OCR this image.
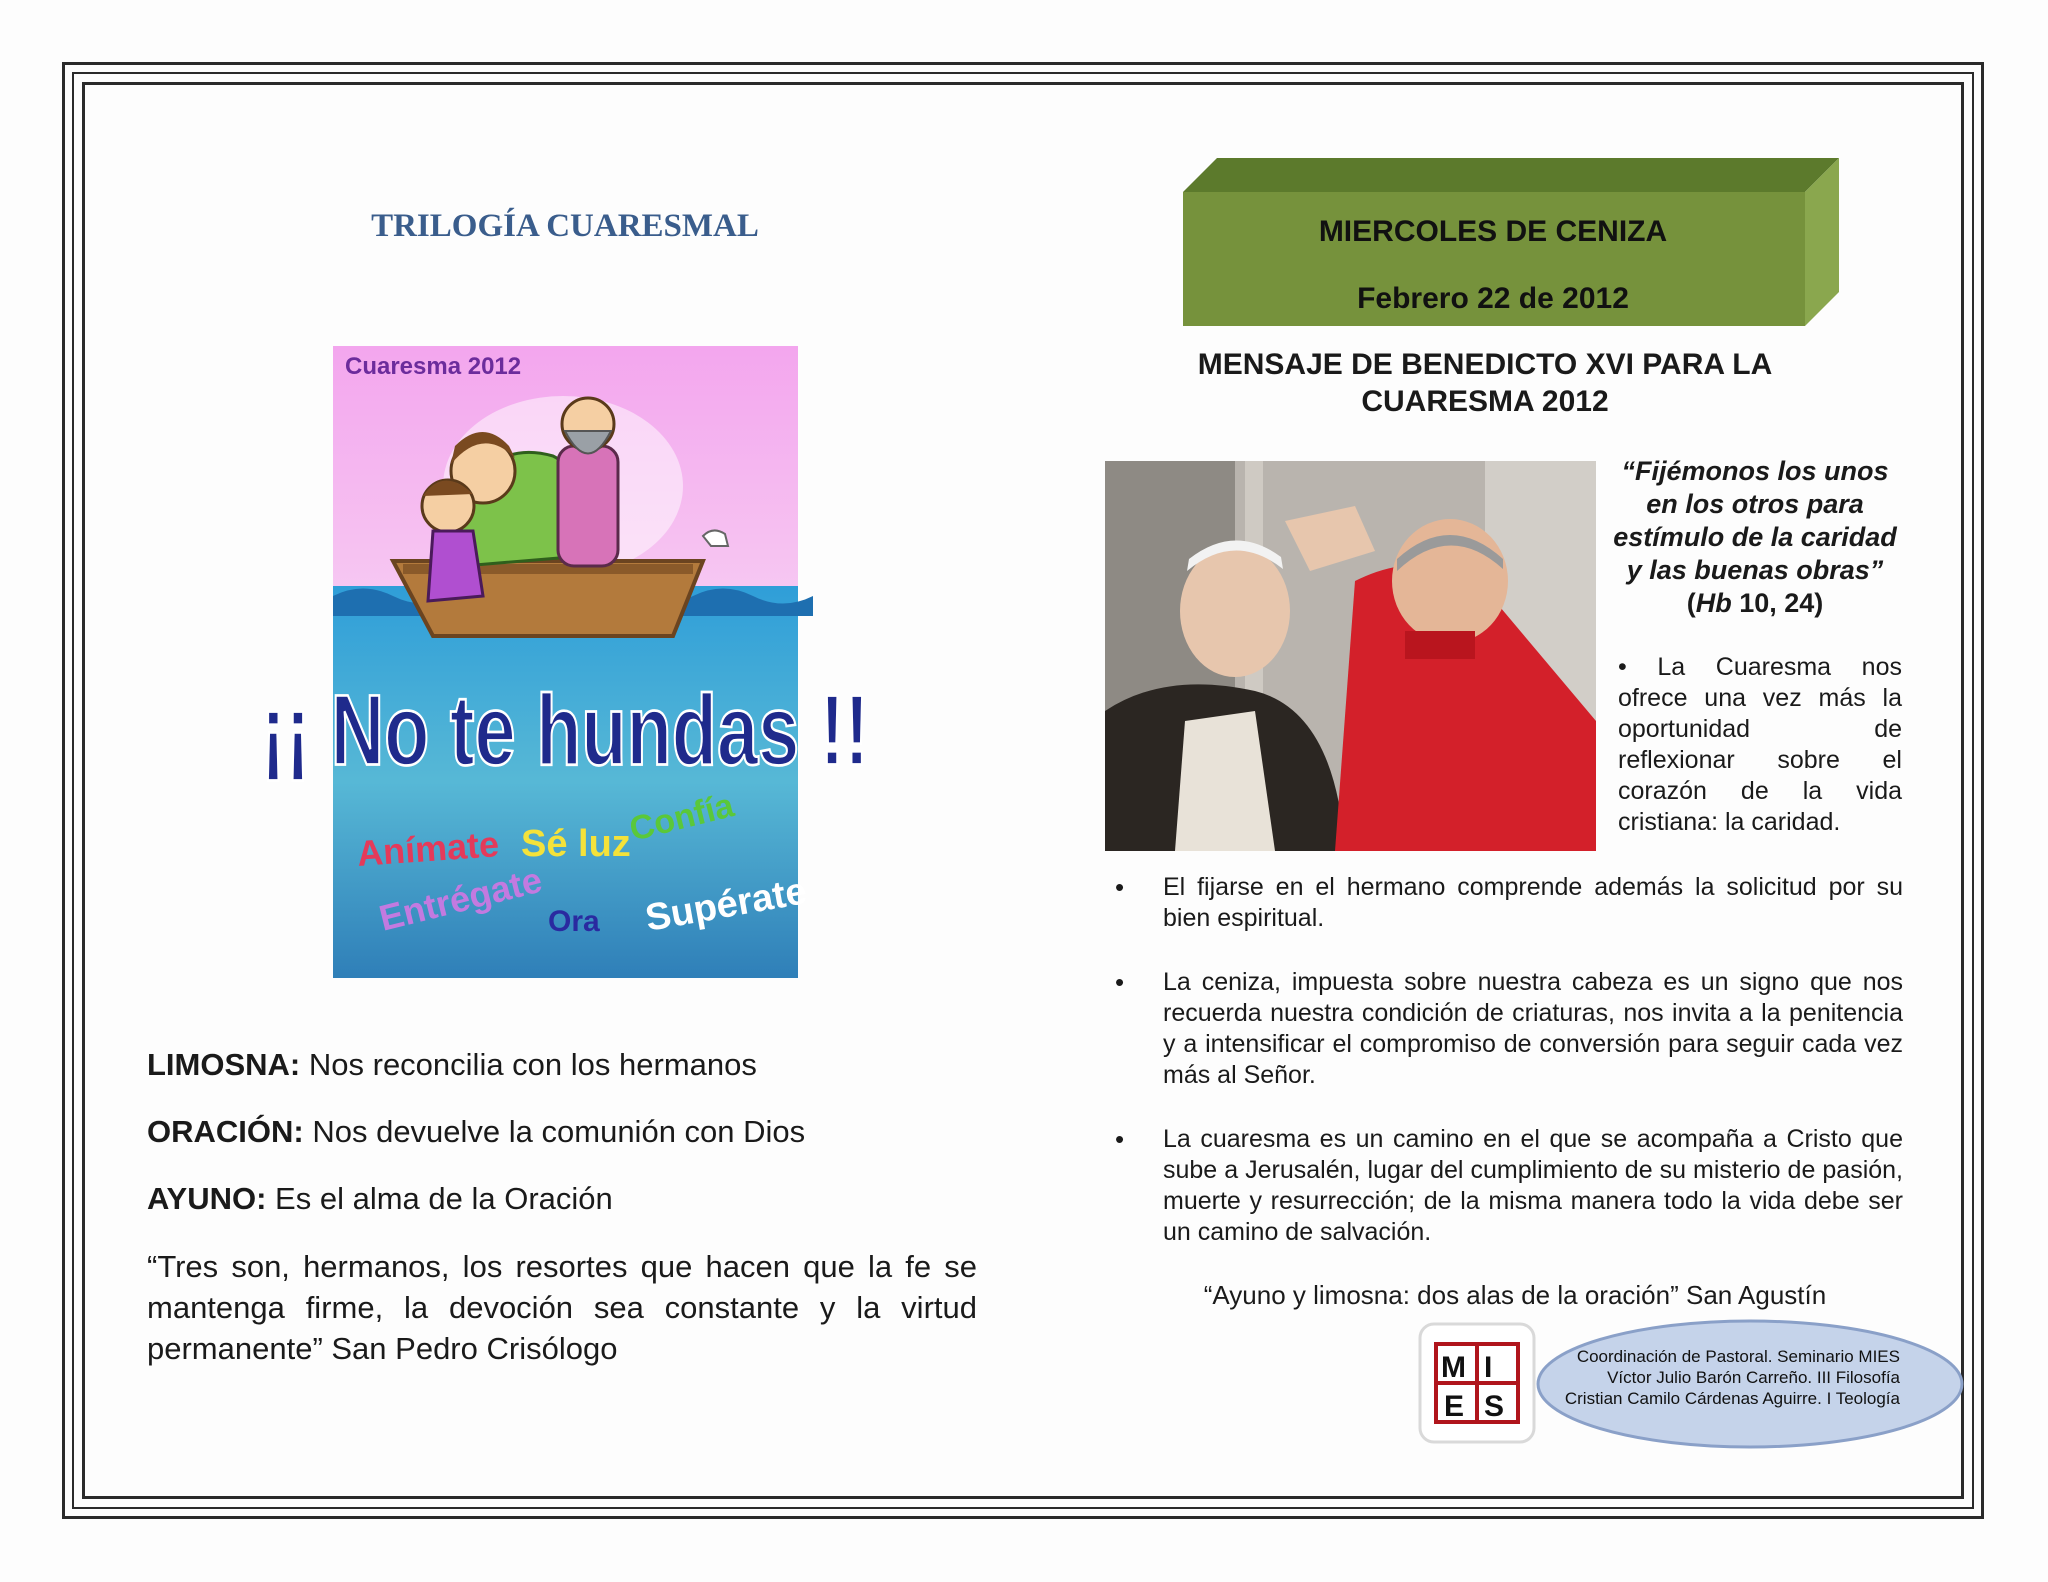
TRILOGÍA CUARESMAL
Cuaresma 2012
¡¡ No te hundas !!
Anímate Sé luz
Confía
Entrégate Ora Supérate
LIMOSNA: Nos reconcilia con los hermanos
ORACIÓN: Nos devuelve la comunión con Dios
AYUNO: Es el alma de la Oración
“Tres son, hermanos, los resortes que hacen que la fe se mantenga firme, la devoción sea constante y la virtud permanente” San Pedro Crisólogo
MIERCOLES DE CENIZA
Febrero 22 de 2012
MENSAJE DE BENEDICTO XVI PARA LA CUARESMA 2012
“Fijémonos los unos en los otros para estímulo de la caridad y las buenas obras” (Hb 10, 24)
• La Cuaresma nos ofrece una vez más la oportunidad de reflexionar sobre el corazón de la vida cristiana: la caridad.
• El fijarse en el hermano comprende además la solicitud por su bien espiritual.
• La ceniza, impuesta sobre nuestra cabeza es un signo que nos recuerda nuestra condición de criaturas, nos invita a la penitencia y a intensificar el compromiso de conversión para seguir cada vez más al Señor.
• La cuaresma es un camino en el que se acompaña a Cristo que sube a Jerusalén, lugar del cumplimiento de su misterio de pasión, muerte y resurrección; de la misma manera todo la vida debe ser un camino de salvación.
“Ayuno y limosna: dos alas de la oración” San Agustín
M I
E S
Coordinación de Pastoral. Seminario MIES
Víctor Julio Barón Carreño. III Filosofía
Cristian Camilo Cárdenas Aguirre. I Teología
